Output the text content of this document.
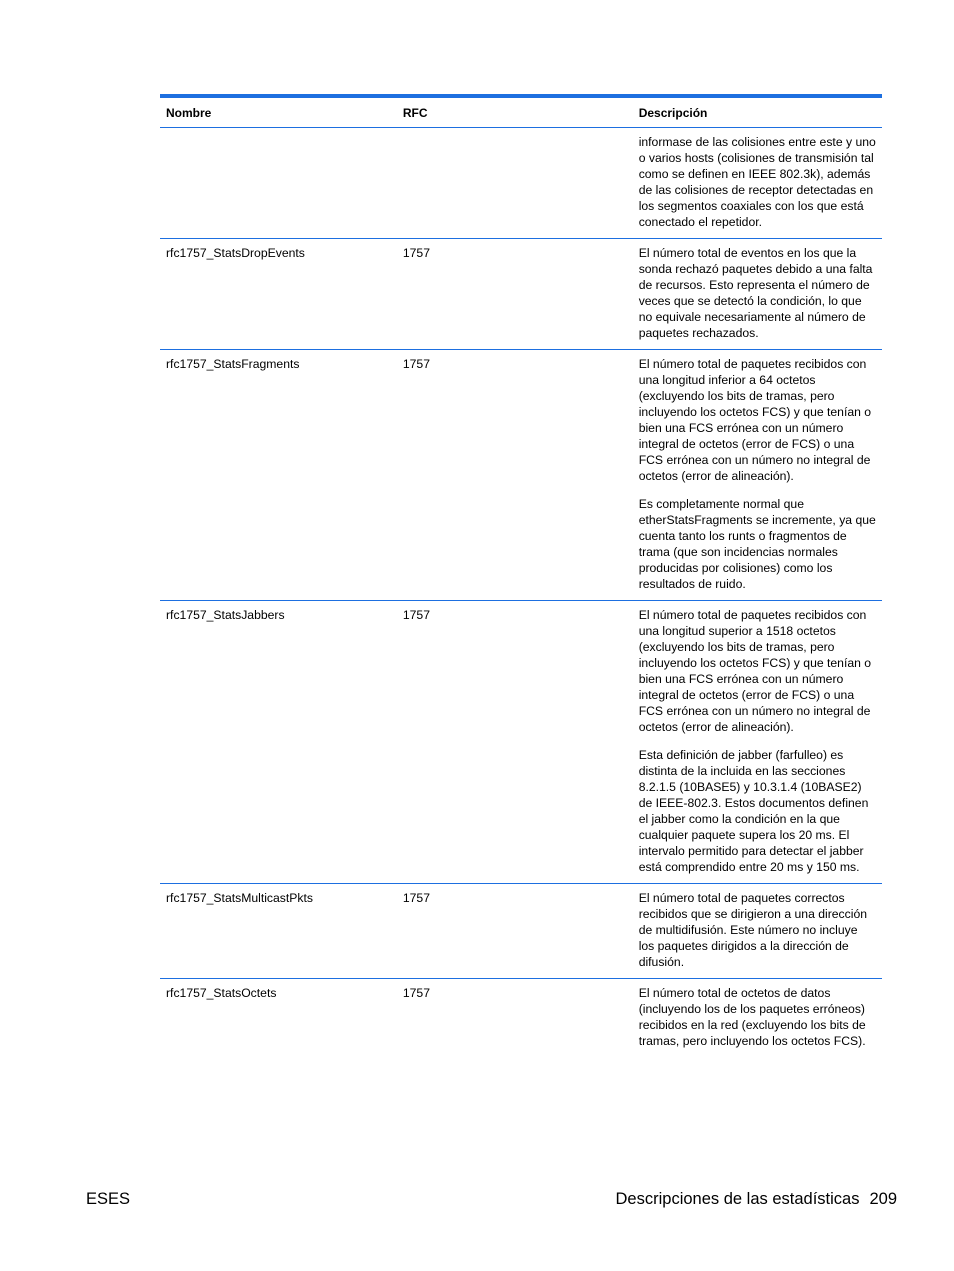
Nombre	RFC	Descripción

		informase de las colisiones entre este y uno o varios hosts (colisiones de transmisión tal como se definen en IEEE 802.3k), además de las colisiones de receptor detectadas en los segmentos coaxiales con los que está conectado el repetidor.

rfc1757_StatsDropEvents	1757	El número total de eventos en los que la sonda rechazó paquetes debido a una falta de recursos. Esto representa el número de veces que se detectó la condición, lo que no equivale necesariamente al número de paquetes rechazados.

rfc1757_StatsFragments	1757	El número total de paquetes recibidos con una longitud inferior a 64 octetos (excluyendo los bits de tramas, pero incluyendo los octetos FCS) y que tenían o bien una FCS errónea con un número integral de octetos (error de FCS) o una FCS errónea con un número no integral de octetos (error de alineación).

Es completamente normal que etherStatsFragments se incremente, ya que cuenta tanto los runts o fragmentos de trama (que son incidencias normales producidas por colisiones) como los resultados de ruido.

rfc1757_StatsJabbers	1757	El número total de paquetes recibidos con una longitud superior a 1518 octetos (excluyendo los bits de tramas, pero incluyendo los octetos FCS) y que tenían o bien una FCS errónea con un número integral de octetos (error de FCS) o una FCS errónea con un número no integral de octetos (error de alineación).

Esta definición de jabber (farfulleo) es distinta de la incluida en las secciones 8.2.1.5 (10BASE5) y 10.3.1.4 (10BASE2) de IEEE-802.3. Estos documentos definen el jabber como la condición en la que cualquier paquete supera los 20 ms. El intervalo permitido para detectar el jabber está comprendido entre 20 ms y 150 ms.

rfc1757_StatsMulticastPkts	1757	El número total de paquetes correctos recibidos que se dirigieron a una dirección de multidifusión. Este número no incluye los paquetes dirigidos a la dirección de difusión.

rfc1757_StatsOctets	1757	El número total de octetos de datos (incluyendo los de los paquetes erróneos) recibidos en la red (excluyendo los bits de tramas, pero incluyendo los octetos FCS).

ESES	Descripciones de las estadísticas 209
